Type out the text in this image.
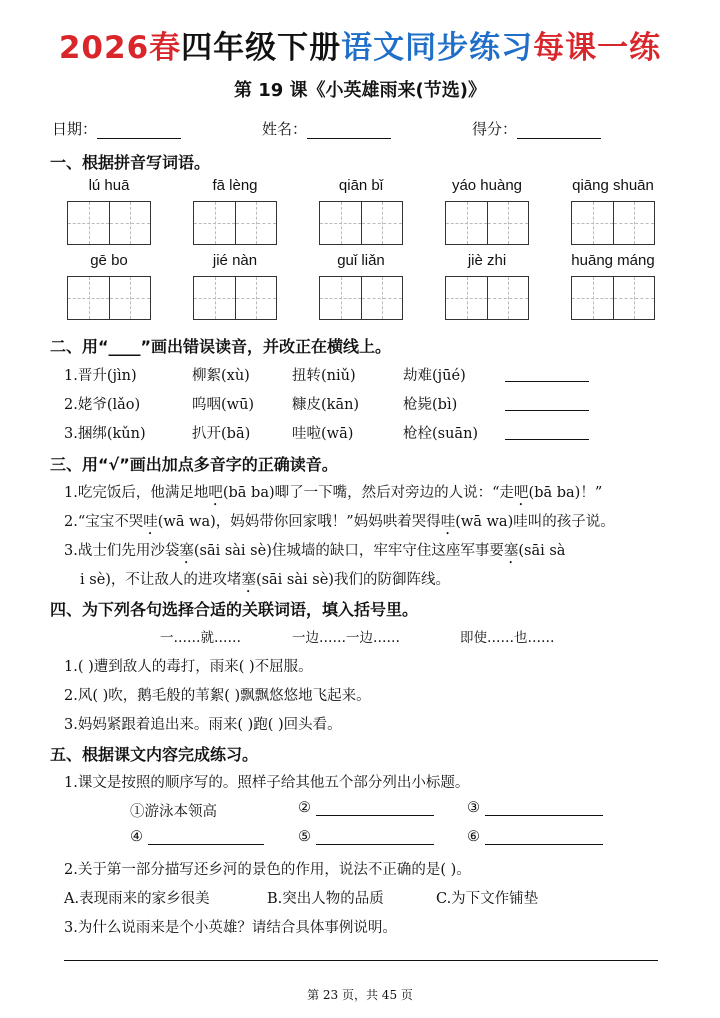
2026春四年级下册语文同步练习每课一练
第 19 课《小英雄雨来(节选)》
日期：	姓名：	得分：
一、根据拼音写词语。
lú huā	fā lèng	qiān bǐ	yáo huàng	qiāng shuān
gē bo	jié nàn	guǐ liǎn	jiè zhi	huāng máng
二、用“____”画出错误读音，并改正在横线上。
1.晋升(jìn)	柳絮(xù)	扭转(niǔ)	劫难(jūé)
2.姥爷(lǎo)	呜咽(wū)	糠皮(kān)	枪毙(bì)
3.捆绑(kǔn)	扒开(bā)	哇啦(wā)	枪栓(suān)
三、用“√”画出加点多音字的正确读音。
1.吃完饭后，他满足地吧(bā ba)唧了一下嘴，然后对旁边的人说：“走吧(bā ba)！”
2.“宝宝不哭哇(wā wa)，妈妈带你回家哦！”妈妈哄着哭得哇(wā wa)哇叫的孩子说。
3.战士们先用沙袋塞(sāi sài sè)住城墙的缺口，牢牢守住这座军事要塞(sāi sà
i sè)，不让敌人的进攻堵塞(sāi sài sè)我们的防御阵线。
四、为下列各句选择合适的关联词语，填入括号里。
一……就……	一边……一边……	即使……也……
1.( )遭到敌人的毒打，雨来( )不屈服。
2.风( )吹，鹅毛般的苇絮( )飘飘悠悠地飞起来。
3.妈妈紧跟着追出来。雨来( )跑( )回头看。
五、根据课文内容完成练习。
1.课文是按照的顺序写的。照样子给其他五个部分列出小标题。
①游泳本领高	②	③
④	⑤	⑥
2.关于第一部分描写还乡河的景色的作用，说法不正确的是( )。
A.表现雨来的家乡很美	B.突出人物的品质	C.为下文作铺垫
3.为什么说雨来是个小英雄？请结合具体事例说明。
第 23 页，共 45 页
